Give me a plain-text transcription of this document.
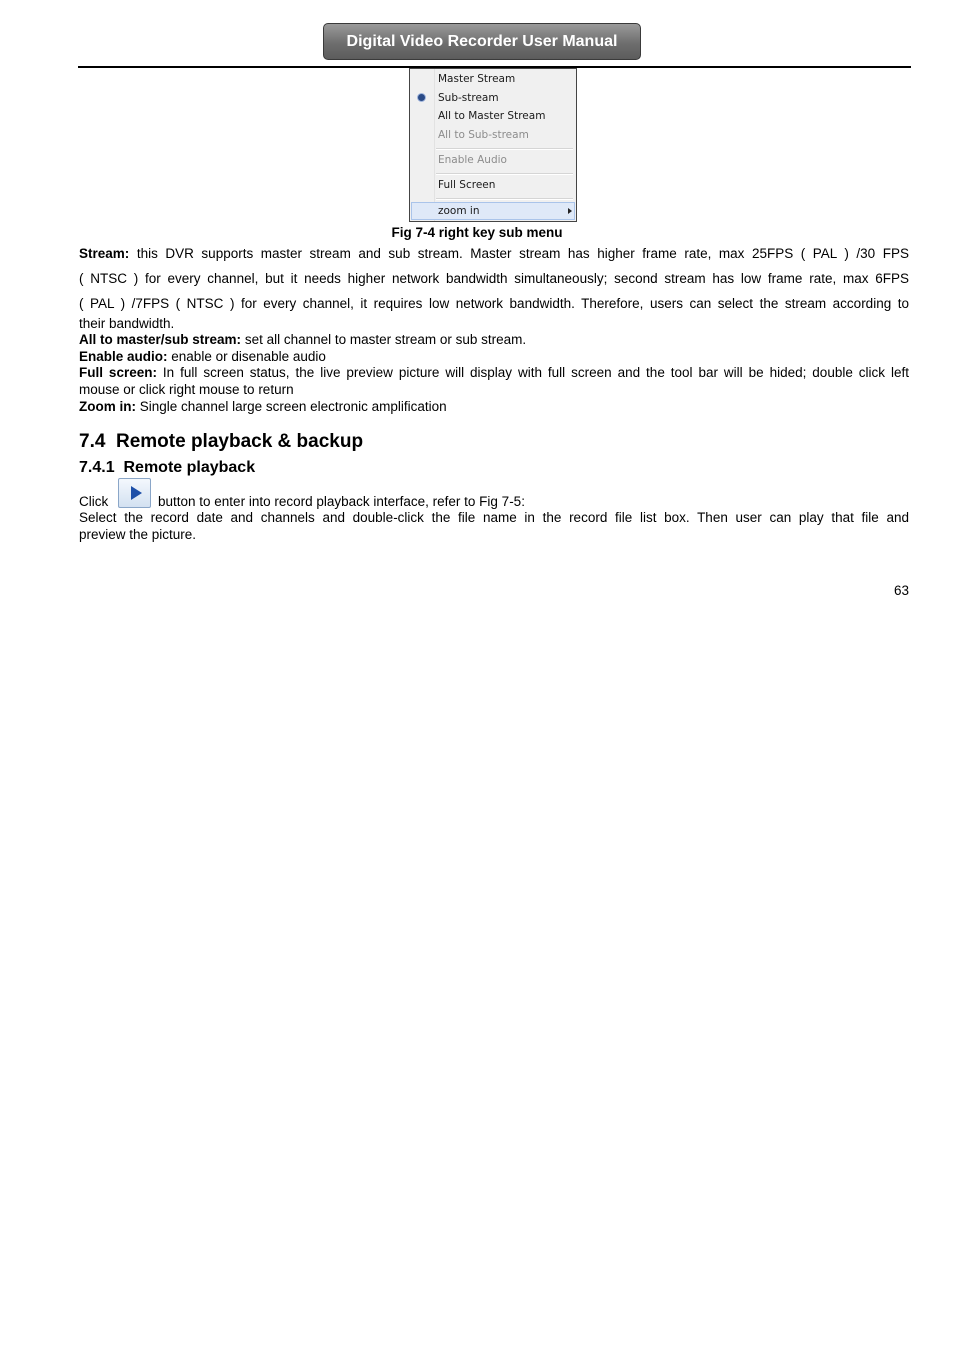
Digital Video Recorder User Manual
Master Stream
Sub-stream
All to Master Stream
All to Sub-stream
Enable Audio
Full Screen
zoom in
Fig 7-4 right key sub menu
Stream: this DVR supports master stream and sub stream. Master stream has higher frame rate, max 25FPS ( PAL ) /30 FPS
( NTSC ) for every channel, but it needs higher network bandwidth simultaneously; second stream has low frame rate, max 6FPS
( PAL ) /7FPS ( NTSC ) for every channel, it requires low network bandwidth. Therefore, users can select the stream according to
their bandwidth.
All to master/sub stream: set all channel to master stream or sub stream.
Enable audio: enable or disenable audio
Full screen: In full screen status, the live preview picture will display with full screen and the tool bar will be hided; double click left
mouse or click right mouse to return
Zoom in: Single channel large screen electronic amplification
7.4 Remote playback & backup
7.4.1 Remote playback
Click	button to enter into record playback interface, refer to Fig 7-5:
Select the record date and channels and double-click the file name in the record file list box. Then user can play that file and
preview the picture.
63
